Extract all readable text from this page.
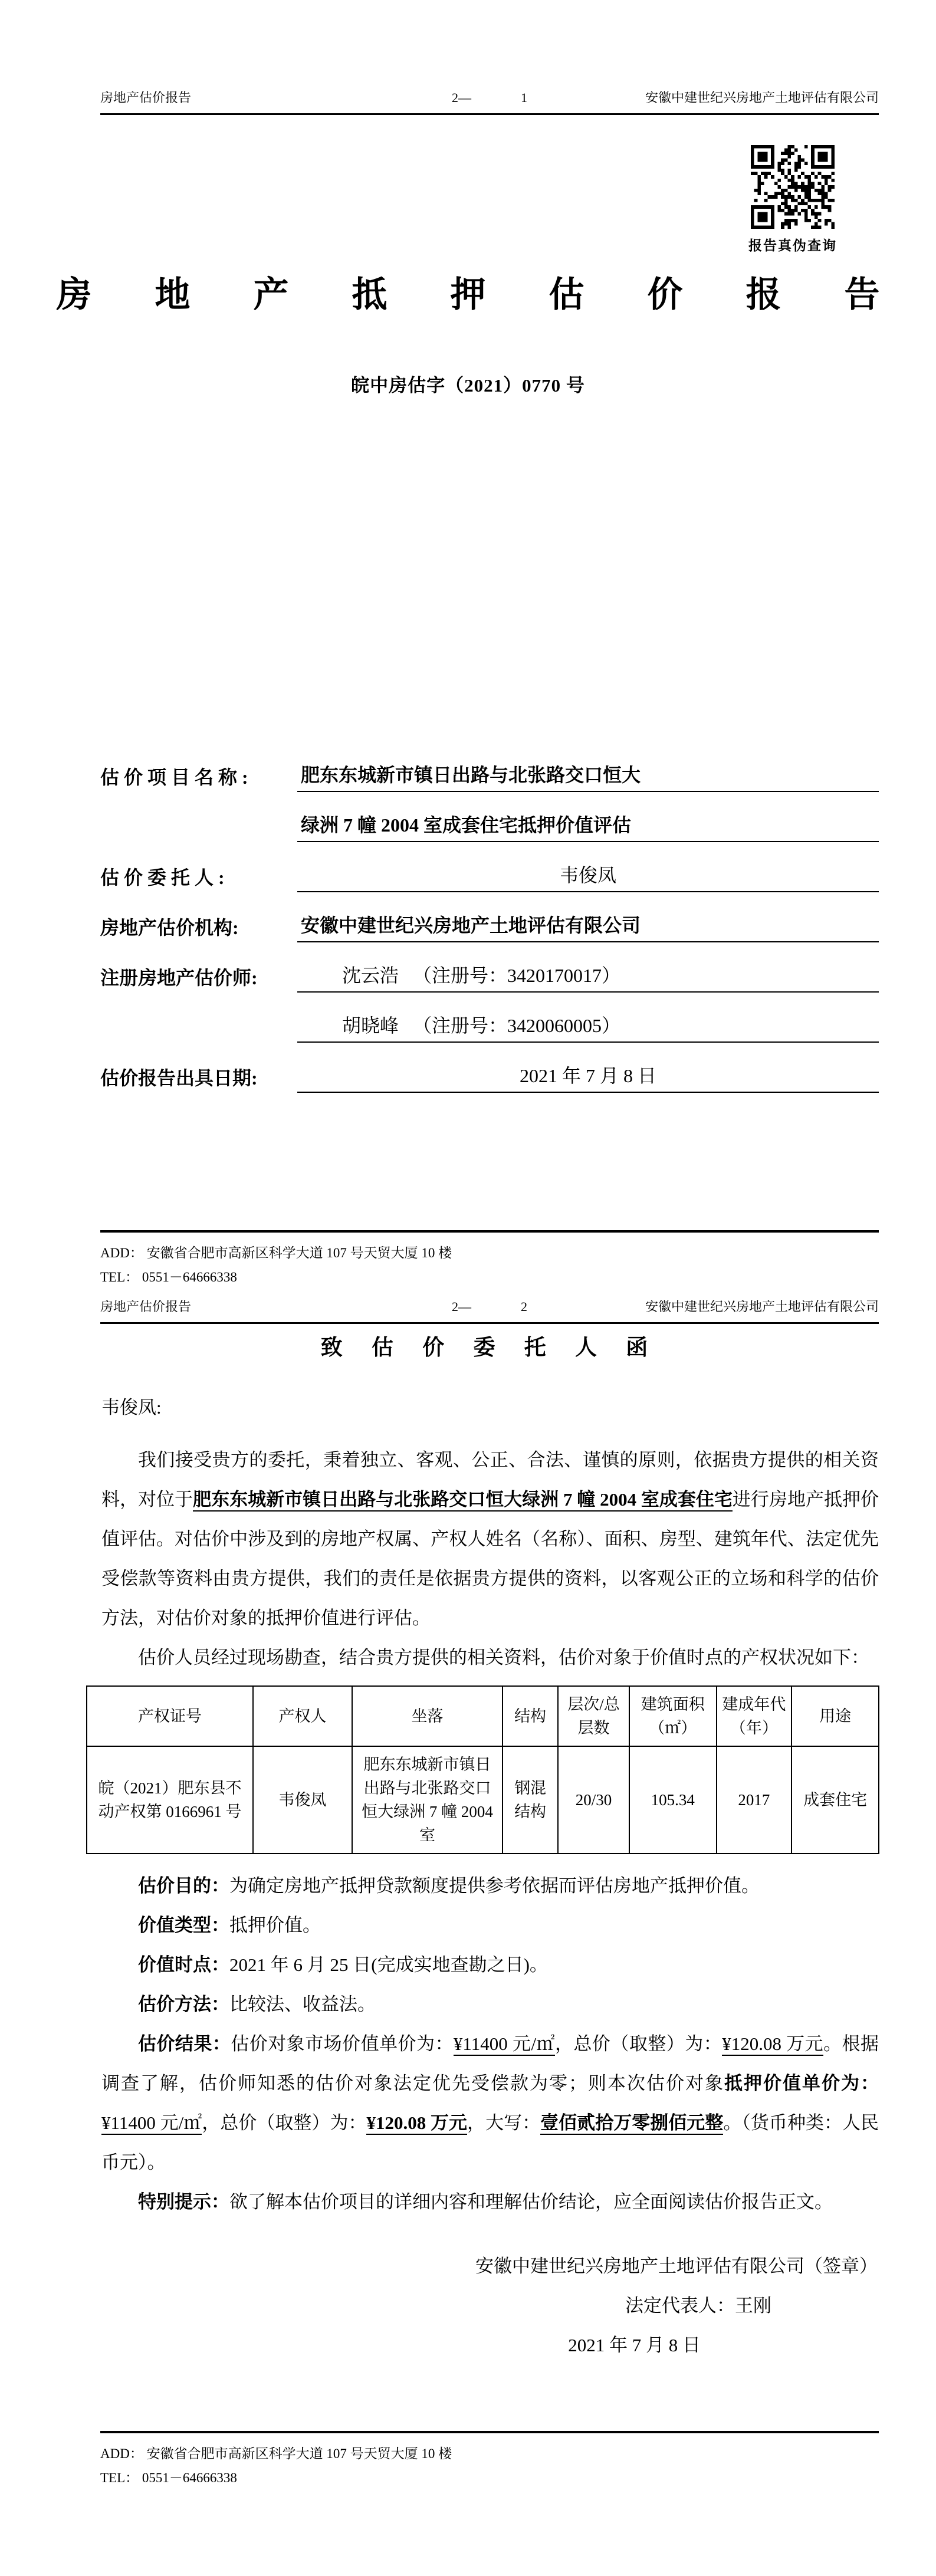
房地产估价报告	2—	1	安徽中建世纪兴房地产土地评估有限公司
报告真伪查询
房 地 产 抵 押 估 价 报 告
皖中房估字（2021）0770 号
估 价 项 目 名 称 :	肥东东城新市镇日出路与北张路交口恒大
绿洲 7 幢 2004 室成套住宅抵押价值评估
估 价 委 托 人 :	韦俊凤
房地产估价机构:	安徽中建世纪兴房地产土地评估有限公司
注册房地产估价师:	沈云浩 　（注册号：3420170017）
胡晓峰 　（注册号：3420060005）
估价报告出具日期:	2021 年 7 月 8 日
ADD： 安徽省合肥市高新区科学大道 107 号天贸大厦 10 楼
TEL： 0551－64666338
房地产估价报告	2—	2	安徽中建世纪兴房地产土地评估有限公司
致 估 价 委 托 人 函
韦俊凤:
我们接受贵方的委托，秉着独立、客观、公正、合法、谨慎的原则，依据贵方提供的相关资料，对位于肥东东城新市镇日出路与北张路交口恒大绿洲 7 幢 2004 室成套住宅进行房地产抵押价值评估。对估价中涉及到的房地产权属、产权人姓名（名称）、面积、房型、建筑年代、法定优先受偿款等资料由贵方提供，我们的责任是依据贵方提供的资料，以客观公正的立场和科学的估价方法，对估价对象的抵押价值进行评估。
估价人员经过现场勘查，结合贵方提供的相关资料，估价对象于价值时点的产权状况如下：
产权证号	产权人	坐落	结构	层次/总层数	建筑面积（㎡）	建成年代（年）	用途
皖（2021）肥东县不动产权第 0166961 号	韦俊凤	肥东东城新市镇日出路与北张路交口恒大绿洲 7 幢 2004 室	钢混结构	20/30	105.34	2017	成套住宅
估价目的：为确定房地产抵押贷款额度提供参考依据而评估房地产抵押价值。
价值类型：抵押价值。
价值时点：2021 年 6 月 25 日(完成实地查勘之日)。
估价方法：比较法、收益法。
估价结果：估价对象市场价值单价为：¥11400 元/㎡，总价（取整）为：¥120.08 万元。根据调查了解，估价师知悉的估价对象法定优先受偿款为零；则本次估价对象抵押价值单价为：¥11400 元/㎡，总价（取整）为：¥120.08 万元，大写：壹佰贰拾万零捌佰元整。（货币种类：人民币元）。
特别提示：欲了解本估价项目的详细内容和理解估价结论，应全面阅读估价报告正文。
安徽中建世纪兴房地产土地评估有限公司（签章）
法定代表人：王刚
2021 年 7 月 8 日
ADD： 安徽省合肥市高新区科学大道 107 号天贸大厦 10 楼
TEL： 0551－64666338
